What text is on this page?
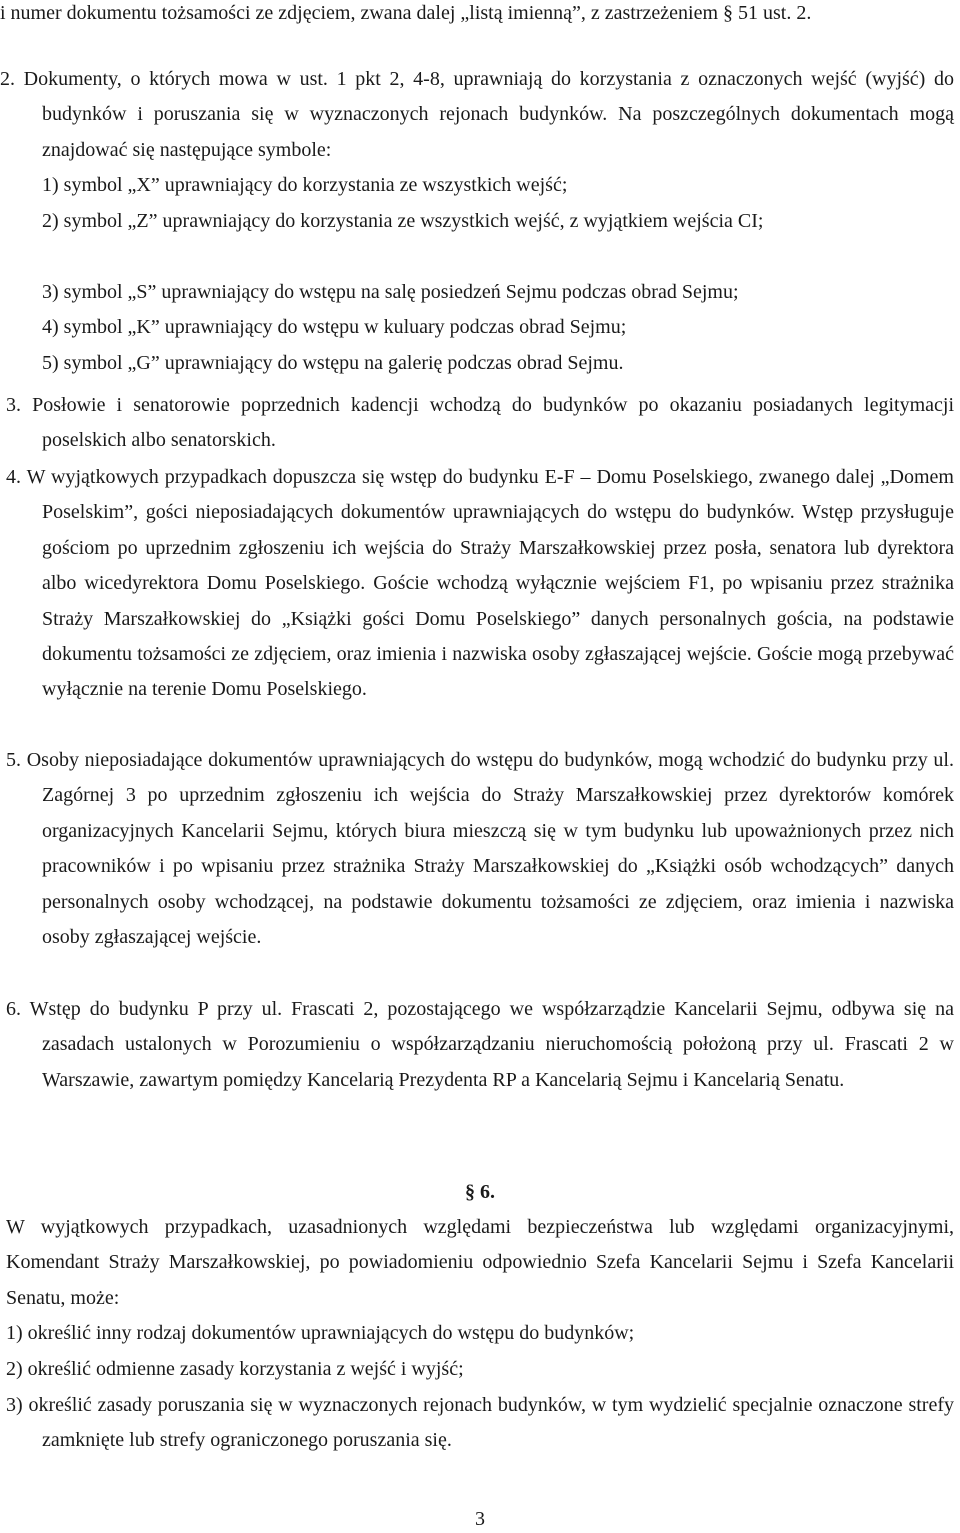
i numer dokumentu tożsamości ze zdjęciem, zwana dalej „listą imienną”, z zastrzeżeniem § 51 ust. 2.

2. Dokumenty, o których mowa w ust. 1 pkt 2, 4-8, uprawniają do korzystania z oznaczonych wejść (wyjść) do budynków i poruszania się w wyznaczonych rejonach budynków. Na poszczególnych dokumentach mogą znajdować się następujące symbole:

1) symbol „X” uprawniający do korzystania ze wszystkich wejść;

2) symbol „Z” uprawniający do korzystania ze wszystkich wejść, z wyjątkiem wejścia CI;

3) symbol „S” uprawniający do wstępu na salę posiedzeń Sejmu podczas obrad Sejmu;

4) symbol „K” uprawniający do wstępu w kuluary podczas obrad Sejmu;

5) symbol „G” uprawniający do wstępu na galerię podczas obrad Sejmu.

3. Posłowie i senatorowie poprzednich kadencji wchodzą do budynków po okazaniu posiadanych legitymacji poselskich albo senatorskich.

4. W wyjątkowych przypadkach dopuszcza się wstęp do budynku E-F – Domu Poselskiego, zwanego dalej „Domem Poselskim”, gości nieposiadających dokumentów uprawniających do wstępu do budynków. Wstęp przysługuje gościom po uprzednim zgłoszeniu ich wejścia do Straży Marszałkowskiej przez posła, senatora lub dyrektora albo wicedyrektora Domu Poselskiego. Goście wchodzą wyłącznie wejściem F1, po wpisaniu przez strażnika Straży Marszałkowskiej do „Książki gości Domu Poselskiego” danych personalnych gościa, na podstawie dokumentu tożsamości ze zdjęciem, oraz imienia i nazwiska osoby zgłaszającej wejście. Goście mogą przebywać wyłącznie na terenie Domu Poselskiego.

5. Osoby nieposiadające dokumentów uprawniających do wstępu do budynków, mogą wchodzić do budynku przy ul. Zagórnej 3 po uprzednim zgłoszeniu ich wejścia do Straży Marszałkowskiej przez dyrektorów komórek organizacyjnych Kancelarii Sejmu, których biura mieszczą się w tym budynku lub upoważnionych przez nich pracowników i po wpisaniu przez strażnika Straży Marszałkowskiej do „Książki osób wchodzących” danych personalnych osoby wchodzącej, na podstawie dokumentu tożsamości ze zdjęciem, oraz imienia i nazwiska osoby zgłaszającej wejście.

6. Wstęp do budynku P przy ul. Frascati 2, pozostającego we współzarządzie Kancelarii Sejmu, odbywa się na zasadach ustalonych w Porozumieniu o współzarządzaniu nieruchomością położoną przy ul. Frascati 2 w Warszawie, zawartym pomiędzy Kancelarią Prezydenta RP a Kancelarią Sejmu i Kancelarią Senatu.

§ 6.

W wyjątkowych przypadkach, uzasadnionych względami bezpieczeństwa lub względami organizacyjnymi, Komendant Straży Marszałkowskiej, po powiadomieniu odpowiednio Szefa Kancelarii Sejmu i Szefa Kancelarii Senatu, może:

1) określić inny rodzaj dokumentów uprawniających do wstępu do budynków;

2) określić odmienne zasady korzystania z wejść i wyjść;

3) określić zasady poruszania się w wyznaczonych rejonach budynków, w tym wydzielić specjalnie oznaczone strefy zamknięte lub strefy ograniczonego poruszania się.

3
